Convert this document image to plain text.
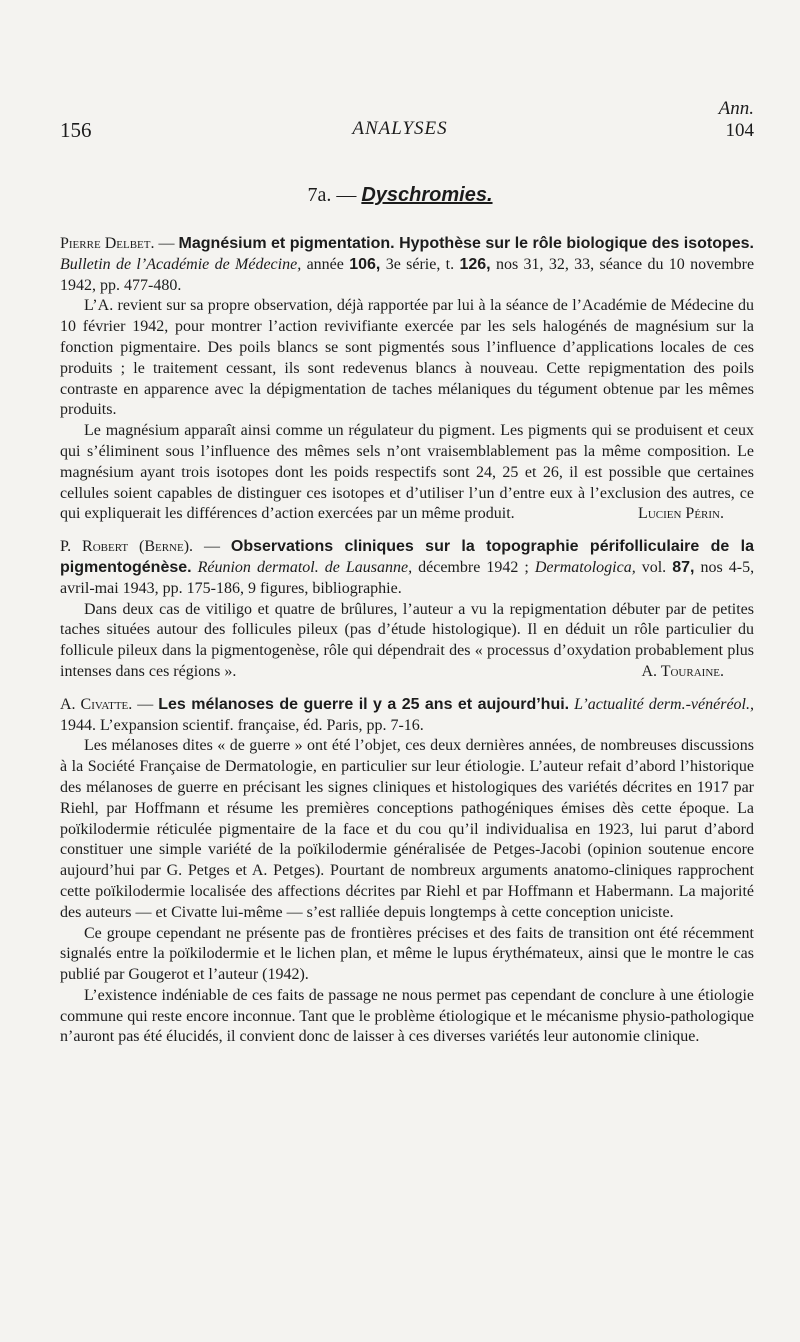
156	ANALYSES
Ann.
104
7a. — Dyschromies.

Pierre Delbet. — Magnésium et pigmentation. Hypothèse sur le rôle biologique des isotopes. Bulletin de l’Académie de Médecine, année 106, 3e série, t. 126, nos 31, 32, 33, séance du 10 novembre 1942, pp. 477-480.

L’A. revient sur sa propre observation, déjà rapportée par lui à la séance de l’Académie de Médecine du 10 février 1942, pour montrer l’action revivifiante exercée par les sels halogénés de magnésium sur la fonction pigmentaire. Des poils blancs se sont pigmentés sous l’influence d’applications locales de ces produits ; le traitement cessant, ils sont redevenus blancs à nouveau. Cette repigmentation des poils contraste en apparence avec la dépigmentation de taches mélaniques du tégument obtenue par les mêmes produits.

Le magnésium apparaît ainsi comme un régulateur du pigment. Les pigments qui se produisent et ceux qui s’éliminent sous l’influence des mêmes sels n’ont vraisemblablement pas la même composition. Le magnésium ayant trois isotopes dont les poids respectifs sont 24, 25 et 26, il est possible que certaines cellules soient capables de distinguer ces isotopes et d’utiliser l’un d’entre eux à l’exclusion des autres, ce qui expliquerait les différences d’action exercées par un même produit.	Lucien Périn.

P. Robert (Berne). — Observations cliniques sur la topographie périfolliculaire de la pigmentogénèse. Réunion dermatol. de Lausanne, décembre 1942 ; Dermatologica, vol. 87, nos 4-5, avril-mai 1943, pp. 175-186, 9 figures, bibliographie.

Dans deux cas de vitiligo et quatre de brûlures, l’auteur a vu la repigmentation débuter par de petites taches situées autour des follicules pileux (pas d’étude histologique). Il en déduit un rôle particulier du follicule pileux dans la pigmentogenèse, rôle qui dépendrait des « processus d’oxydation probablement plus intenses dans ces régions ».	A. Touraine.

A. Civatte. — Les mélanoses de guerre il y a 25 ans et aujourd’hui. L’actualité derm.-vénéréol., 1944. L’expansion scientif. française, éd. Paris, pp. 7-16.

Les mélanoses dites « de guerre » ont été l’objet, ces deux dernières années, de nombreuses discussions à la Société Française de Dermatologie, en particulier sur leur étiologie. L’auteur refait d’abord l’historique des mélanoses de guerre en précisant les signes cliniques et histologiques des variétés décrites en 1917 par Riehl, par Hoffmann et résume les premières conceptions pathogéniques émises dès cette époque. La poïkilodermie réticulée pigmentaire de la face et du cou qu’il individualisa en 1923, lui parut d’abord constituer une simple variété de la poïkilodermie généralisée de Petges-Jacobi (opinion soutenue encore aujourd’hui par G. Petges et A. Petges). Pourtant de nombreux arguments anatomo-cliniques rapprochent cette poïkilodermie localisée des affections décrites par Riehl et par Hoffmann et Habermann. La majorité des auteurs — et Civatte lui-même — s’est ralliée depuis longtemps à cette conception uniciste.

Ce groupe cependant ne présente pas de frontières précises et des faits de transition ont été récemment signalés entre la poïkilodermie et le lichen plan, et même le lupus érythémateux, ainsi que le montre le cas publié par Gougerot et l’auteur (1942).

L’existence indéniable de ces faits de passage ne nous permet pas cependant de conclure à une étiologie commune qui reste encore inconnue. Tant que le problème étiologique et le mécanisme physio-pathologique n’auront pas été élucidés, il convient donc de laisser à ces diverses variétés leur autonomie clinique.
